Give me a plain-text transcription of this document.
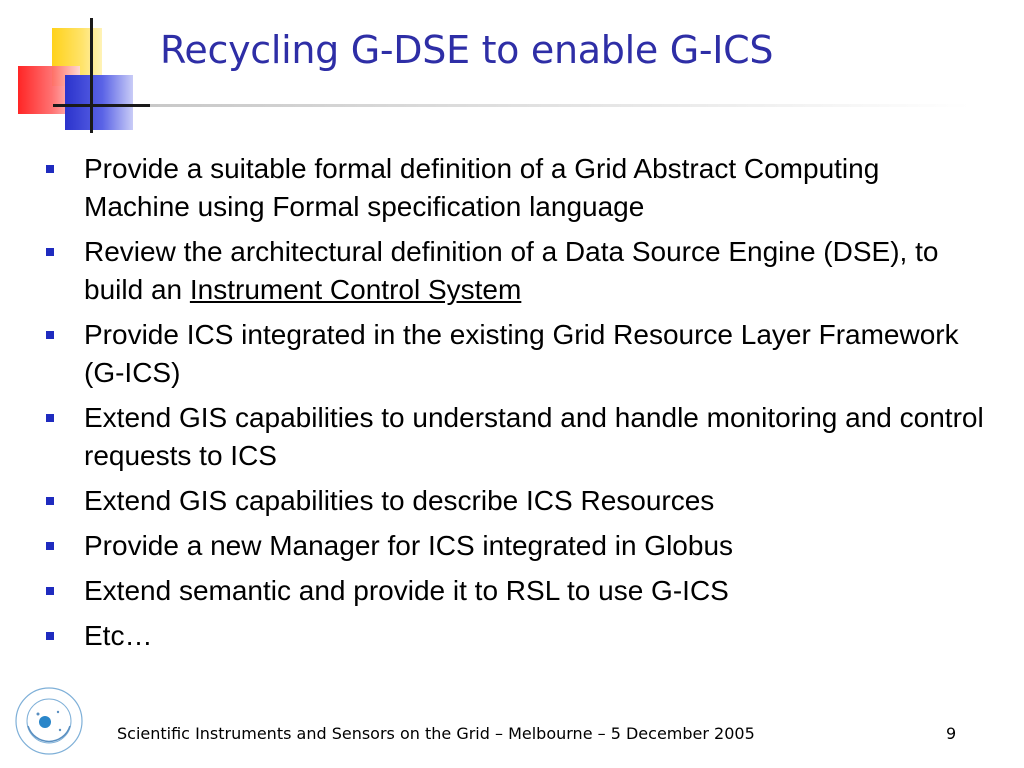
Recycling G-DSE to enable G-ICS
Provide a suitable formal definition of a Grid Abstract Computing Machine using Formal specification language
Review the architectural definition of a Data Source Engine (DSE), to build an Instrument Control System
Provide ICS integrated in the existing Grid Resource Layer Framework (G-ICS)
Extend GIS capabilities to understand and handle monitoring and control requests to ICS
Extend GIS capabilities to describe ICS Resources
Provide a new Manager for ICS integrated in Globus
Extend semantic and provide it to RSL to use G-ICS
Etc…
Scientific Instruments and Sensors on the Grid – Melbourne – 5 December 2005	9
